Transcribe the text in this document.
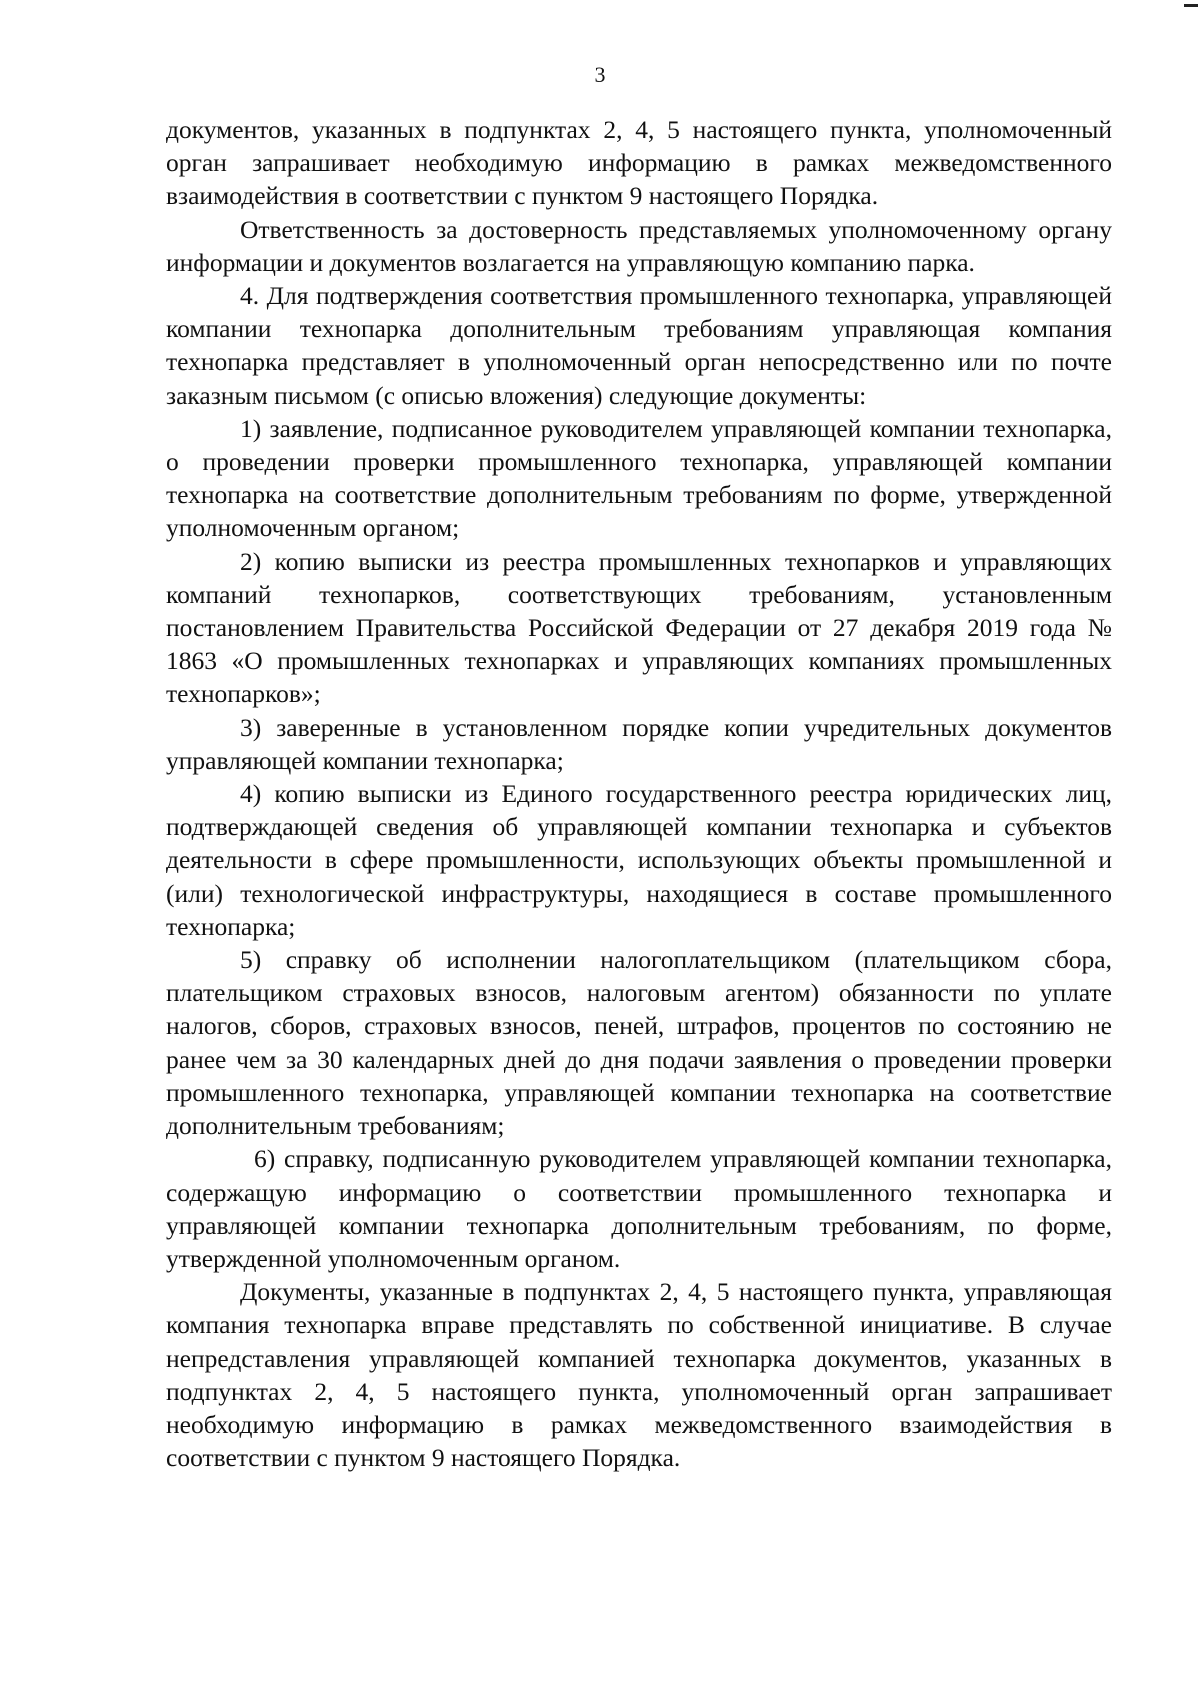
3

документов, указанных в подпунктах 2, 4, 5 настоящего пункта, уполномоченный орган запрашивает необходимую информацию в рамках межведомственного взаимодействия в соответствии с пунктом 9 настоящего Порядка.

Ответственность за достоверность представляемых уполномоченному органу информации и документов возлагается на управляющую компанию парка.

4. Для подтверждения соответствия промышленного технопарка, управляющей компании технопарка дополнительным требованиям управляющая компания технопарка представляет в уполномоченный орган непосредственно или по почте заказным письмом (с описью вложения) следующие документы:

1) заявление, подписанное руководителем управляющей компании технопарка, о проведении проверки промышленного технопарка, управляющей компании технопарка на соответствие дополнительным требованиям по форме, утвержденной уполномоченным органом;

2) копию выписки из реестра промышленных технопарков и управляющих компаний технопарков, соответствующих требованиям, установленным постановлением Правительства Российской Федерации от 27 декабря 2019 года № 1863 «О промышленных технопарках и управляющих компаниях промышленных технопарков»;

3) заверенные в установленном порядке копии учредительных документов управляющей компании технопарка;

4) копию выписки из Единого государственного реестра юридических лиц, подтверждающей сведения об управляющей компании технопарка и субъектов деятельности в сфере промышленности, использующих объекты промышленной и (или) технологической инфраструктуры, находящиеся в составе промышленного технопарка;

5) справку об исполнении налогоплательщиком (плательщиком сбора, плательщиком страховых взносов, налоговым агентом) обязанности по уплате налогов, сборов, страховых взносов, пеней, штрафов, процентов по состоянию не ранее чем за 30 календарных дней до дня подачи заявления о проведении проверки промышленного технопарка, управляющей компании технопарка на соответствие дополнительным требованиям;

6) справку, подписанную руководителем управляющей компании технопарка, содержащую информацию о соответствии промышленного технопарка и управляющей компании технопарка дополнительным требованиям, по форме, утвержденной уполномоченным органом.

Документы, указанные в подпунктах 2, 4, 5 настоящего пункта, управляющая компания технопарка вправе представлять по собственной инициативе. В случае непредставления управляющей компанией технопарка документов, указанных в подпунктах 2, 4, 5 настоящего пункта, уполномоченный орган запрашивает необходимую информацию в рамках межведомственного взаимодействия в соответствии с пунктом 9 настоящего Порядка.
